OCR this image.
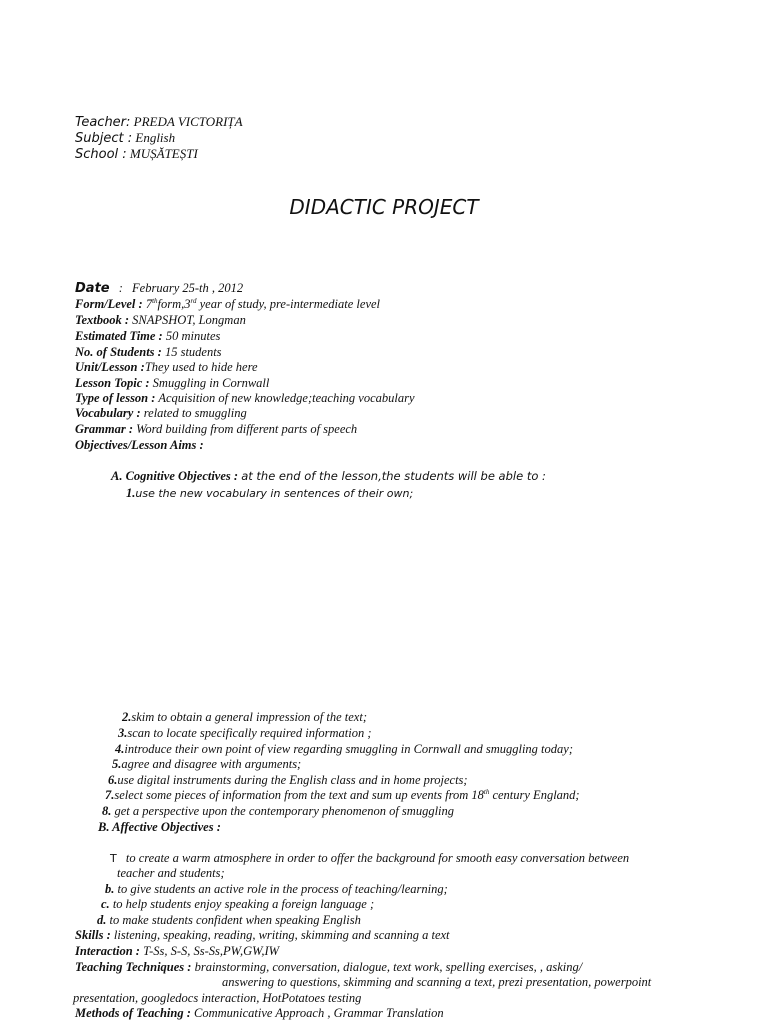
Teacher: PREDA VICTORIȚA
Subject : English
School : MUȘĂTEȘTI
DIDACTIC PROJECT
Date : February 25-th , 2012
Form/Level : 7thform,3rd year of study, pre-intermediate level
Textbook : SNAPSHOT, Longman
Estimated Time : 50 minutes
No. of Students : 15 students
Unit/Lesson :They used to hide here
Lesson Topic : Smuggling in Cornwall
Type of lesson : Acquisition of new knowledge;teaching vocabulary
Vocabulary : related to smuggling
Grammar : Word building from different parts of speech
Objectives/Lesson Aims :
A. Cognitive Objectives : at the end of the lesson,the students will be able to :
1.use the new vocabulary in sentences of their own;
2.skim to obtain a general impression of the text;
3.scan to locate specifically required information ;
4.introduce their own point of view regarding smuggling in Cornwall and smuggling today;
5.agree and disagree with arguments;
6.use digital instruments during the English class and in home projects;
7.select some pieces of information from the text and sum up events from 18th century England;
8. get a perspective upon the contemporary phenomenon of smuggling
B. Affective Objectives :
T to create a warm atmosphere in order to offer the background for smooth easy conversation between
teacher and students;
b. to give students an active role in the process of teaching/learning;
c. to help students enjoy speaking a foreign language ;
d. to make students confident when speaking English
Skills : listening, speaking, reading, writing, skimming and scanning a text
Interaction : T-Ss, S-S, Ss-Ss,PW,GW,IW
Teaching Techniques : brainstorming, conversation, dialogue, text work, spelling exercises, , asking/
answering to questions, skimming and scanning a text, prezi presentation, powerpoint
presentation, googledocs interaction, HotPotatoes testing
Methods of Teaching : Communicative Approach , Grammar Translation
